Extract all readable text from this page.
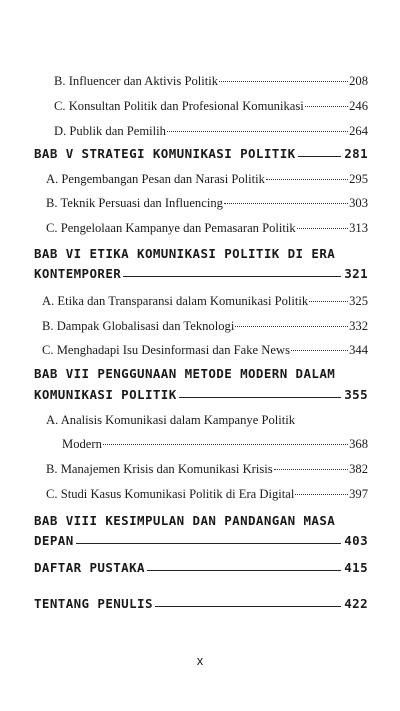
B. Influencer dan Aktivis Politik	208
C. Konsultan Politik dan Profesional Komunikasi	246
D. Publik dan Pemilih	264
BAB V STRATEGI KOMUNIKASI POLITIK	281
A. Pengembangan Pesan dan Narasi Politik	295
B. Teknik Persuasi dan Influencing	303
C. Pengelolaan Kampanye dan Pemasaran Politik	313
BAB VI ETIKA KOMUNIKASI POLITIK DI ERA
KONTEMPORER	321
A. Etika dan Transparansi dalam Komunikasi Politik	325
B. Dampak Globalisasi dan Teknologi	332
C. Menghadapi Isu Desinformasi dan Fake News	344
BAB VII PENGGUNAAN METODE MODERN DALAM
KOMUNIKASI POLITIK	355
A. Analisis Komunikasi dalam Kampanye Politik
Modern	368
B. Manajemen Krisis dan Komunikasi Krisis	382
C. Studi Kasus Komunikasi Politik di Era Digital	397
BAB VIII KESIMPULAN DAN PANDANGAN MASA
DEPAN	403
DAFTAR PUSTAKA	415
TENTANG PENULIS	422
x
